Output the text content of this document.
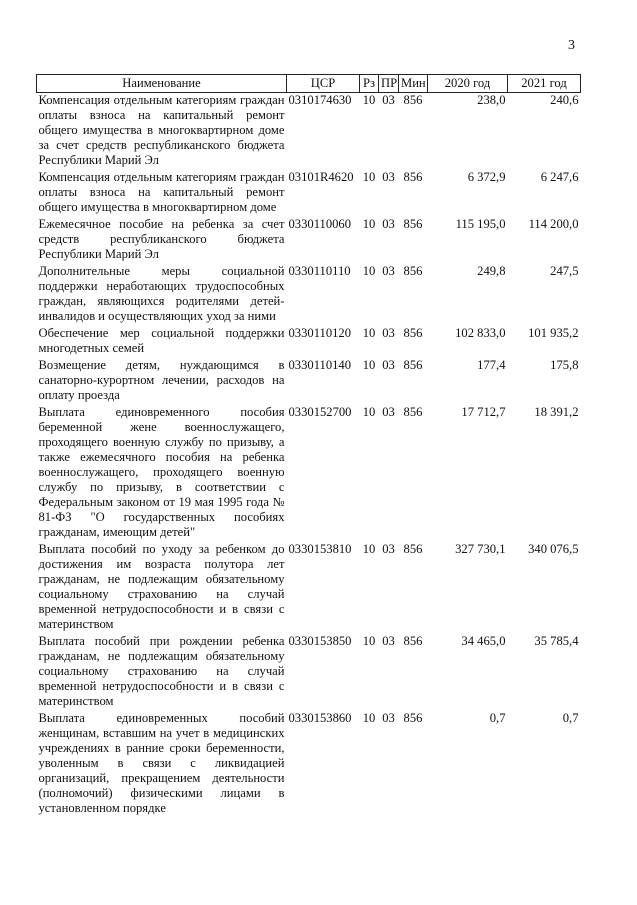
3
Наименование	ЦСР	Рз	ПР	Мин	2020 год	2021 год
Компенсация отдельным категориям граждан оплаты взноса на капитальный ремонт общего имущества в многоквартирном доме за счет средств республиканского бюджета Республики Марий Эл	0310174630	10	03	856	238,0	240,6
Компенсация отдельным категориям граждан оплаты взноса на капитальный ремонт общего имущества в многоквартирном доме	03101R4620	10	03	856	6 372,9	6 247,6
Ежемесячное пособие на ребенка за счет средств республиканского бюджета Республики Марий Эл	0330110060	10	03	856	115 195,0	114 200,0
Дополнительные меры социальной поддержки неработающих трудоспособных граждан, являющихся родителями детей-инвалидов и осуществляющих уход за ними	0330110110	10	03	856	249,8	247,5
Обеспечение мер социальной поддержки многодетных семей	0330110120	10	03	856	102 833,0	101 935,2
Возмещение детям, нуждающимся в санаторно-курортном лечении, расходов на оплату проезда	0330110140	10	03	856	177,4	175,8
Выплата единовременного пособия беременной жене военнослужащего, проходящего военную службу по призыву, а также ежемесячного пособия на ребенка военнослужащего, проходящего военную службу по призыву, в соответствии с Федеральным законом от 19 мая 1995 года № 81-ФЗ "О государственных пособиях гражданам, имеющим детей"	0330152700	10	03	856	17 712,7	18 391,2
Выплата пособий по уходу за ребенком до достижения им возраста полутора лет гражданам, не подлежащим обязательному социальному страхованию на случай временной нетрудоспособности и в связи с материнством	0330153810	10	03	856	327 730,1	340 076,5
Выплата пособий при рождении ребенка гражданам, не подлежащим обязательному социальному страхованию на случай временной нетрудоспособности и в связи с материнством	0330153850	10	03	856	34 465,0	35 785,4
Выплата единовременных пособий женщинам, вставшим на учет в медицинских учреждениях в ранние сроки беременности, уволенным в связи с ликвидацией организаций, прекращением деятельности (полномочий) физическими лицами в установленном порядке	0330153860	10	03	856	0,7	0,7
